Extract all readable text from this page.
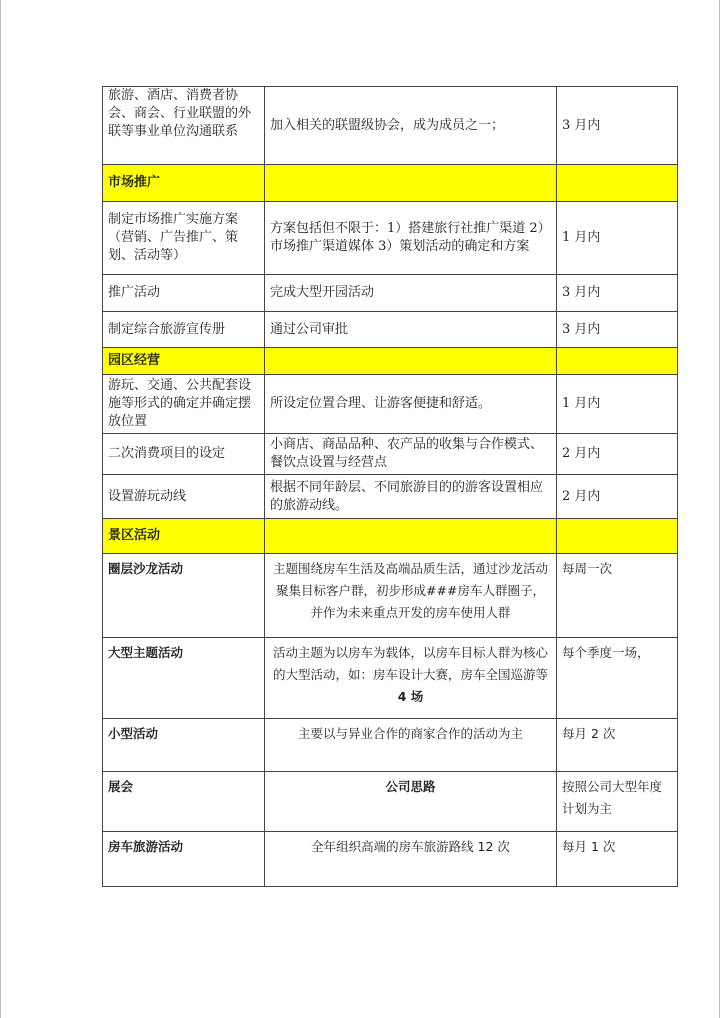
旅游、酒店、消费者协会、商会、行业联盟的外联等事业单位沟通联系	加入相关的联盟级协会，成为成员之一；	3 月内
市场推广		
制定市场推广实施方案（营销、广告推广、策划、活动等）	方案包括但不限于：1）搭建旅行社推广渠道 2）市场推广渠道媒体 3）策划活动的确定和方案	1 月内
推广活动	完成大型开园活动	3 月内
制定综合旅游宣传册	通过公司审批	3 月内
园区经营		
游玩、交通、公共配套设施等形式的确定并确定摆放位置	所设定位置合理、让游客便捷和舒适。	1 月内
二次消费项目的设定	小商店、商品品种、农产品的收集与合作模式、餐饮点设置与经营点	2 月内
设置游玩动线	根据不同年龄层、不同旅游目的的游客设置相应的旅游动线。	2 月内
景区活动		
圈层沙龙活动	主题围绕房车生活及高端品质生活，通过沙龙活动聚集目标客户群，初步形成###房车人群圈子，并作为未来重点开发的房车使用人群	每周一次
大型主题活动	活动主题为以房车为载体，以房车目标人群为核心的大型活动，如：房车设计大赛，房车全国巡游等4 场	每个季度一场，
小型活动	主要以与异业合作的商家合作的活动为主	每月 2 次
展会	公司思路	按照公司大型年度计划为主
房车旅游活动	全年组织高端的房车旅游路线 12 次	每月 1 次
